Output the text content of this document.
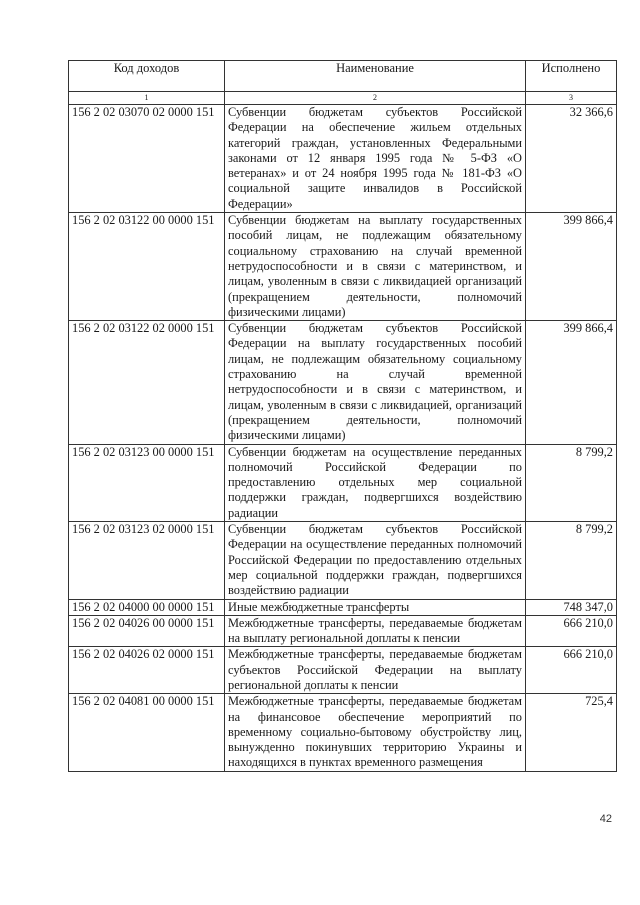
Код доходов	Наименование	Исполнено
1	2	3
156 2 02 03070 02 0000 151	Субвенции бюджетам субъектов Российской Федерации на обеспечение жильем отдельных категорий граждан, установленных Федеральными законами от 12 января 1995 года № 5-ФЗ «О ветеранах» и от 24 ноября 1995 года № 181-ФЗ «О социальной защите инвалидов в Российской Федерации»	32 366,6
156 2 02 03122 00 0000 151	Субвенции бюджетам на выплату государственных пособий лицам, не подлежащим обязательному социальному страхованию на случай временной нетрудоспособности и в связи с материнством, и лицам, уволенным в связи с ликвидацией организаций (прекращением деятельности, полномочий физическими лицами)	399 866,4
156 2 02 03122 02 0000 151	Субвенции бюджетам субъектов Российской Федерации на выплату государственных пособий лицам, не подлежащим обязательному социальному страхованию на случай временной нетрудоспособности и в связи с материнством, и лицам, уволенным в связи с ликвидацией, организаций (прекращением деятельности, полномочий физическими лицами)	399 866,4
156 2 02 03123 00 0000 151	Субвенции бюджетам на осуществление переданных полномочий Российской Федерации по предоставлению отдельных мер социальной поддержки граждан, подвергшихся воздействию радиации	8 799,2
156 2 02 03123 02 0000 151	Субвенции бюджетам субъектов Российской Федерации на осуществление переданных полномочий Российской Федерации по предоставлению отдельных мер социальной поддержки граждан, подвергшихся воздействию радиации	8 799,2
156 2 02 04000 00 0000 151	Иные межбюджетные трансферты	748 347,0
156 2 02 04026 00 0000 151	Межбюджетные трансферты, передаваемые бюджетам на выплату региональной доплаты к пенсии	666 210,0
156 2 02 04026 02 0000 151	Межбюджетные трансферты, передаваемые бюджетам субъектов Российской Федерации на выплату региональной доплаты к пенсии	666 210,0
156 2 02 04081 00 0000 151	Межбюджетные трансферты, передаваемые бюджетам на финансовое обеспечение мероприятий по временному социально-бытовому обустройству лиц, вынужденно покинувших территорию Украины и находящихся в пунктах временного размещения	725,4
42
